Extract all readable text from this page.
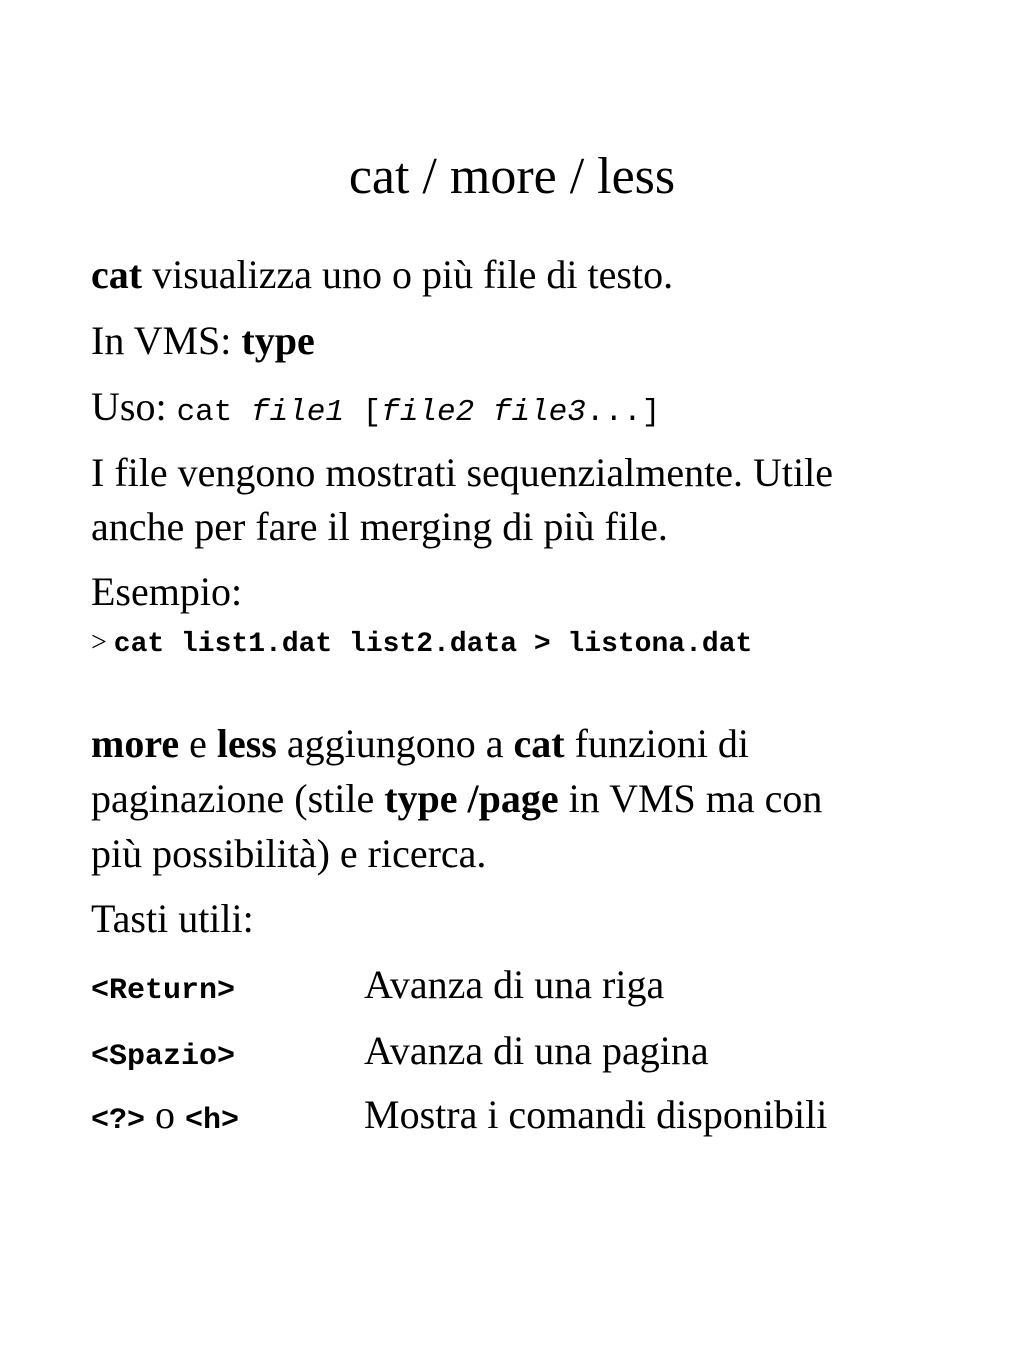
cat / more / less
cat visualizza uno o più file di testo.
In VMS: type
Uso: cat file1 [file2 file3...]
I file vengono mostrati sequenzialmente. Utile
anche per fare il merging di più file.
Esempio:
> cat list1.dat list2.data > listona.dat
more e less aggiungono a cat funzioni di
paginazione (stile type /page in VMS ma con
più possibilità) e ricerca.
Tasti utili:
<Return>	Avanza di una riga
<Spazio>	Avanza di una pagina
<?> o <h>	Mostra i comandi disponibili
